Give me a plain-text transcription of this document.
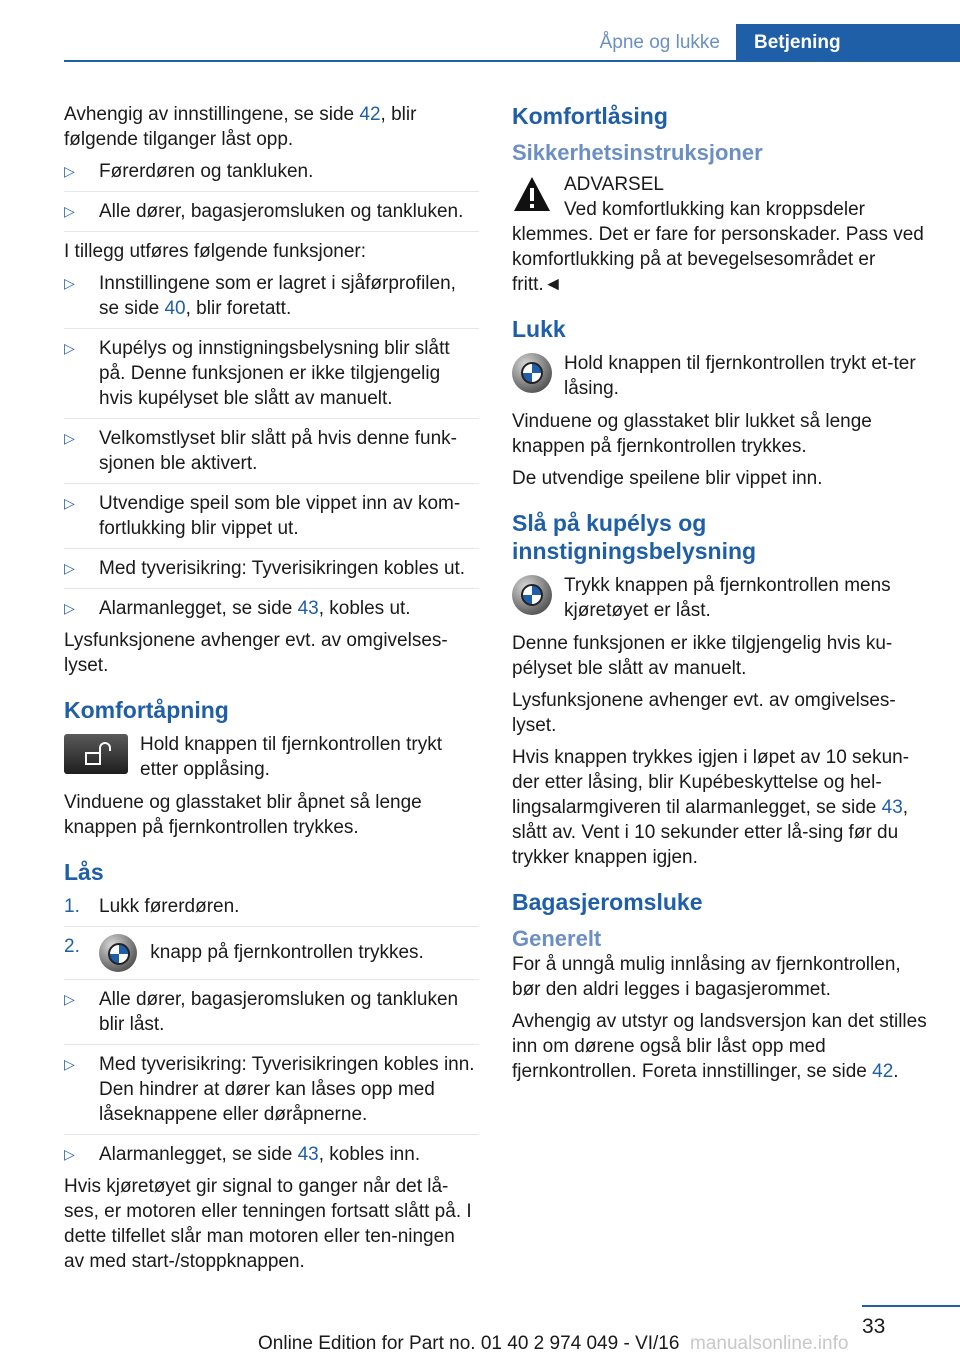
Åpne og lukke	Betjening

Avhengig av innstillingene, se side 42, blir følgende tilganger låst opp.

▷ Førerdøren og tankluken.
▷ Alle dører, bagasjeromsluken og tankluken.

I tillegg utføres følgende funksjoner:

▷ Innstillingene som er lagret i sjåførprofilen, se side 40, blir foretatt.
▷ Kupélys og innstigningsbelysning blir slått på. Denne funksjonen er ikke tilgjengelig hvis kupélyset ble slått av manuelt.
▷ Velkomstlyset blir slått på hvis denne funk‐sjonen ble aktivert.
▷ Utvendige speil som ble vippet inn av kom‐fortlukking blir vippet ut.
▷ Med tyverisikring: Tyverisikringen kobles ut.
▷ Alarmanlegget, se side 43, kobles ut.

Lysfunksjonene avhenger evt. av omgivelses‐lyset.

Komfortåpning
Hold knappen til fjernkontrollen trykt etter opplåsing.

Vinduene og glasstaket blir åpnet så lenge knappen på fjernkontrollen trykkes.

Lås
1. Lukk førerdøren.
2.	knapp på fjernkontrollen trykkes.
▷ Alle dører, bagasjeromsluken og tankluken blir låst.
▷ Med tyverisikring: Tyverisikringen kobles inn. Den hindrer at dører kan låses opp med låseknappene eller døråpnerne.
▷ Alarmanlegget, se side 43, kobles inn.

Hvis kjøretøyet gir signal to ganger når det lå‐ses, er motoren eller tenningen fortsatt slått på. I dette tilfellet slår man motoren eller ten‐ningen av med start-/stoppknappen.

Komfortlåsing
Sikkerhetsinstruksjoner
ADVARSEL

Ved komfortlukking kan kroppsdeler klemmes. Det er fare for personskader. Pass ved komfortlukking på at bevegelsesområdet er fritt.◄

Lukk
Hold knappen til fjernkontrollen trykt et‐ter låsing.

Vinduene og glasstaket blir lukket så lenge knappen på fjernkontrollen trykkes.

De utvendige speilene blir vippet inn.

Slå på kupélys og innstigningsbelysning
Trykk knappen på fjernkontrollen mens kjøretøyet er låst.

Denne funksjonen er ikke tilgjengelig hvis ku‐pélyset ble slått av manuelt.

Lysfunksjonene avhenger evt. av omgivelses‐lyset.

Hvis knappen trykkes igjen i løpet av 10 sekun‐der etter låsing, blir Kupébeskyttelse og hel‐lingsalarmgiveren til alarmanlegget, se side 43, slått av. Vent i 10 sekunder etter lå‐sing før du trykker knappen igjen.

Bagasjeromsluke
Generelt

For å unngå mulig innlåsing av fjernkontrollen, bør den aldri legges i bagasjerommet.

Avhengig av utstyr og landsversjon kan det stilles inn om dørene også blir låst opp med fjernkontrollen. Foreta innstillinger, se side 42.

33
Online Edition for Part no. 01 40 2 974 049 - VI/16 manualsonline.info
